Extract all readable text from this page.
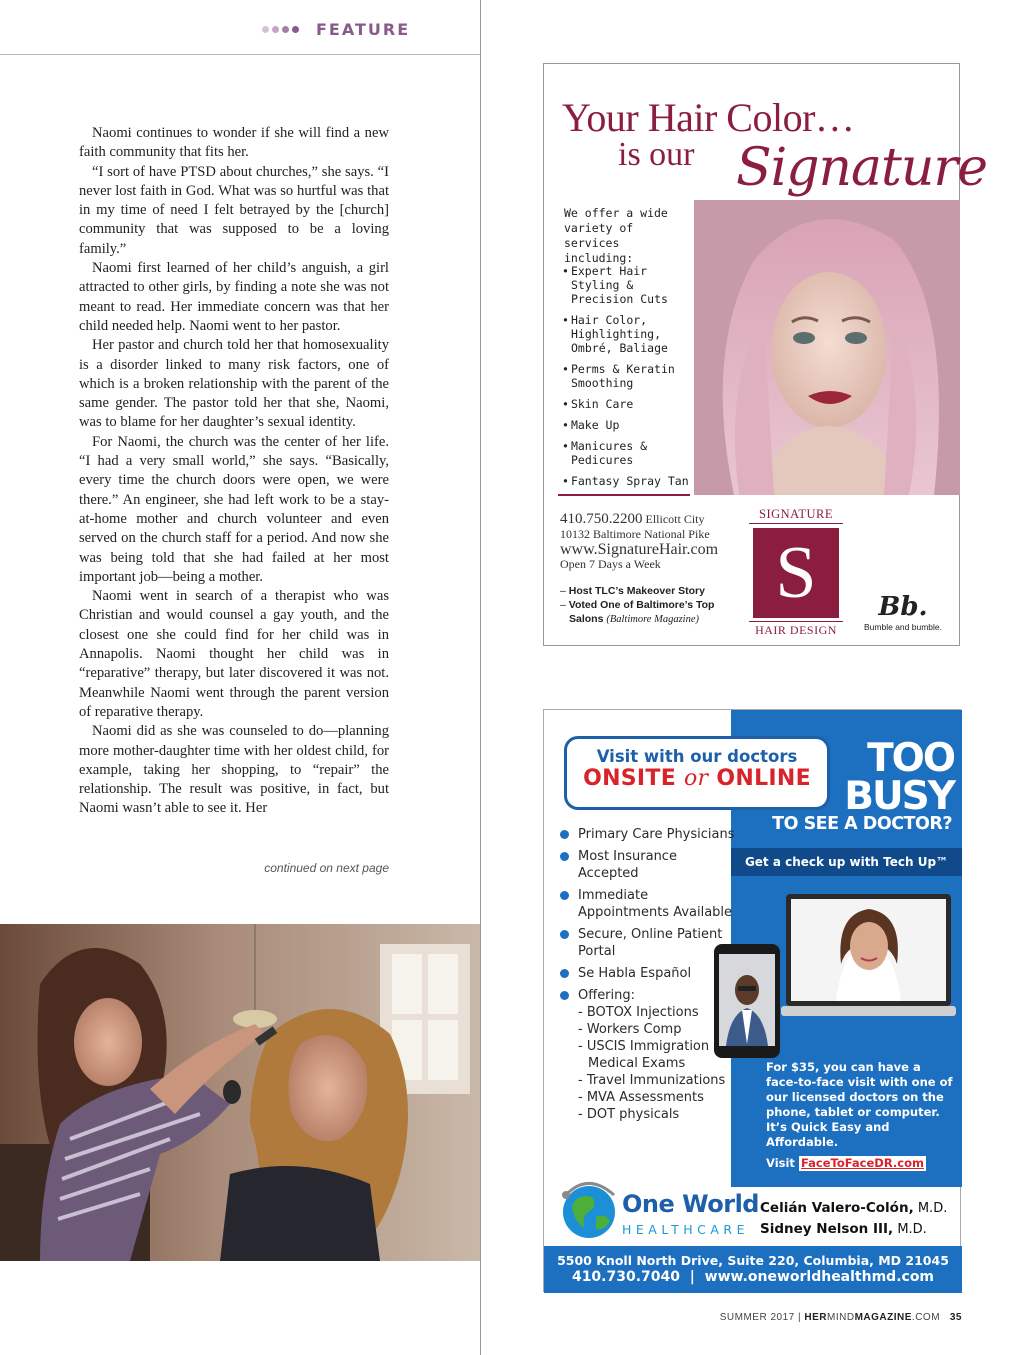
FEATURE

Naomi continues to wonder if she will find a new faith community that fits her.

“I sort of have PTSD about churches,” she says. “I never lost faith in God. What was so hurtful was that in my time of need I felt betrayed by the [church] community that was supposed to be a loving family.”

Naomi first learned of her child’s anguish, a girl attracted to other girls, by finding a note she was not meant to read. Her immediate concern was that her child needed help. Naomi went to her pastor.

Her pastor and church told her that homosexuality is a disorder linked to many risk factors, one of which is a broken relationship with the parent of the same gender. The pastor told her that she, Naomi, was to blame for her daughter’s sexual identity.

For Naomi, the church was the center of her life. “I had a very small world,” she says. “Basically, every time the church doors were open, we were there.” An engineer, she had left work to be a stay-at-home mother and church volunteer and even served on the church staff for a period. And now she was being told that she had failed at her most important job—being a mother.

Naomi went in search of a therapist who was Christian and would counsel a gay youth, and the closest one she could find for her child was in Annapolis. Naomi thought her child was in “reparative” therapy, but later discovered it was not. Meanwhile Naomi went through the parent version of reparative therapy.

Naomi did as she was counseled to do—planning more mother-daughter time with her oldest child, for example, taking her shopping, to “repair” the relationship. The result was positive, in fact, but Naomi wasn’t able to see it. Her

continued on next page
Your Hair Color…
is our Signature
We offer a wide variety of services including:
• Expert Hair Styling & Precision Cuts
• Hair Color, Highlighting, Ombré, Baliage
• Perms & Keratin Smoothing
• Skin Care
• Make Up
• Manicures & Pedicures
• Fantasy Spray Tan
410.750.2200 Ellicott City
10132 Baltimore National Pike
www.SignatureHair.com
Open 7 Days a Week
– Host TLC’s Makeover Story
– Voted One of Baltimore’s Top Salons (Baltimore Magazine)
SIGNATURE
S
HAIR DESIGN
Bb.
Bumble and bumble.
Visit with our doctors
ONSITE or ONLINE	TOO
BUSY
TO SEE A DOCTOR?
Get a check up with Tech Up™
Primary Care Physicians
Most Insurance Accepted
Immediate Appointments Available
Secure, Online Patient Portal
Se Habla Español
Offering:
- BOTOX Injections
- Workers Comp
- USCIS Immigration Medical Exams
- Travel Immunizations
- MVA Assessments
- DOT physicals
For $35, you can have a face-to-face visit with one of our licensed doctors on the phone, tablet or computer. It’s Quick Easy and Affordable.
Visit FaceToFaceDR.com
One World
HEALTHCARE
Celián Valero-Colón, M.D.
Sidney Nelson III, M.D.
5500 Knoll North Drive, Suite 220, Columbia, MD 21045
410.730.7040 | www.oneworldhealthmd.com
SUMMER 2017 | HERMINDMAGAZINE.COM 35
